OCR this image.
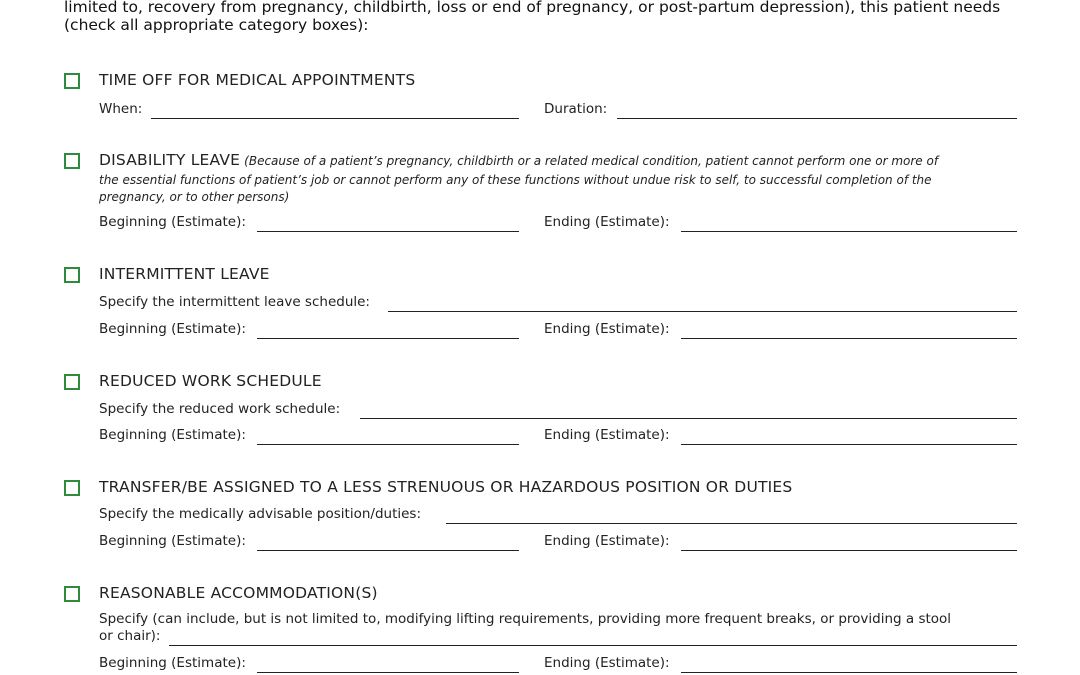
limited to, recovery from pregnancy, childbirth, loss or end of pregnancy, or post-partum depression), this patient needs
(check all appropriate category boxes):
TIME OFF FOR MEDICAL APPOINTMENTS
When:	Duration:
DISABILITY LEAVE (Because of a patient’s pregnancy, childbirth or a related medical condition, patient cannot perform one or more of
the essential functions of patient’s job or cannot perform any of these functions without undue risk to self, to successful completion of the
pregnancy, or to other persons)
Beginning (Estimate):	Ending (Estimate):
INTERMITTENT LEAVE
Specify the intermittent leave schedule:
Beginning (Estimate):	Ending (Estimate):
REDUCED WORK SCHEDULE
Specify the reduced work schedule:
Beginning (Estimate):	Ending (Estimate):
TRANSFER/BE ASSIGNED TO A LESS STRENUOUS OR HAZARDOUS POSITION OR DUTIES
Specify the medically advisable position/duties:
Beginning (Estimate):	Ending (Estimate):
REASONABLE ACCOMMODATION(S)
Specify (can include, but is not limited to, modifying lifting requirements, providing more frequent breaks, or providing a stool
or chair):
Beginning (Estimate):	Ending (Estimate):
